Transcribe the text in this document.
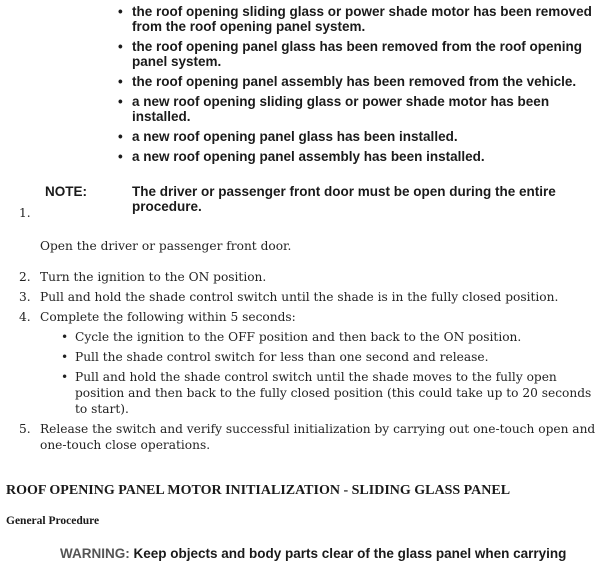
• the roof opening sliding glass or power shade motor has been removed from the roof opening panel system.
• the roof opening panel glass has been removed from the roof opening panel system.
• the roof opening panel assembly has been removed from the vehicle.
• a new roof opening sliding glass or power shade motor has been installed.
• a new roof opening panel glass has been installed.
• a new roof opening panel assembly has been installed.
NOTE:	The driver or passenger front door must be open during the entire procedure.
1.
Open the driver or passenger front door.
2. Turn the ignition to the ON position.
3. Pull and hold the shade control switch until the shade is in the fully closed position.
4. Complete the following within 5 seconds:
• Cycle the ignition to the OFF position and then back to the ON position.
• Pull the shade control switch for less than one second and release.
• Pull and hold the shade control switch until the shade moves to the fully open position and then back to the fully closed position (this could take up to 20 seconds to start).
5. Release the switch and verify successful initialization by carrying out one-touch open and one-touch close operations.
ROOF OPENING PANEL MOTOR INITIALIZATION - SLIDING GLASS PANEL
General Procedure
WARNING: Keep objects and body parts clear of the glass panel when carrying
